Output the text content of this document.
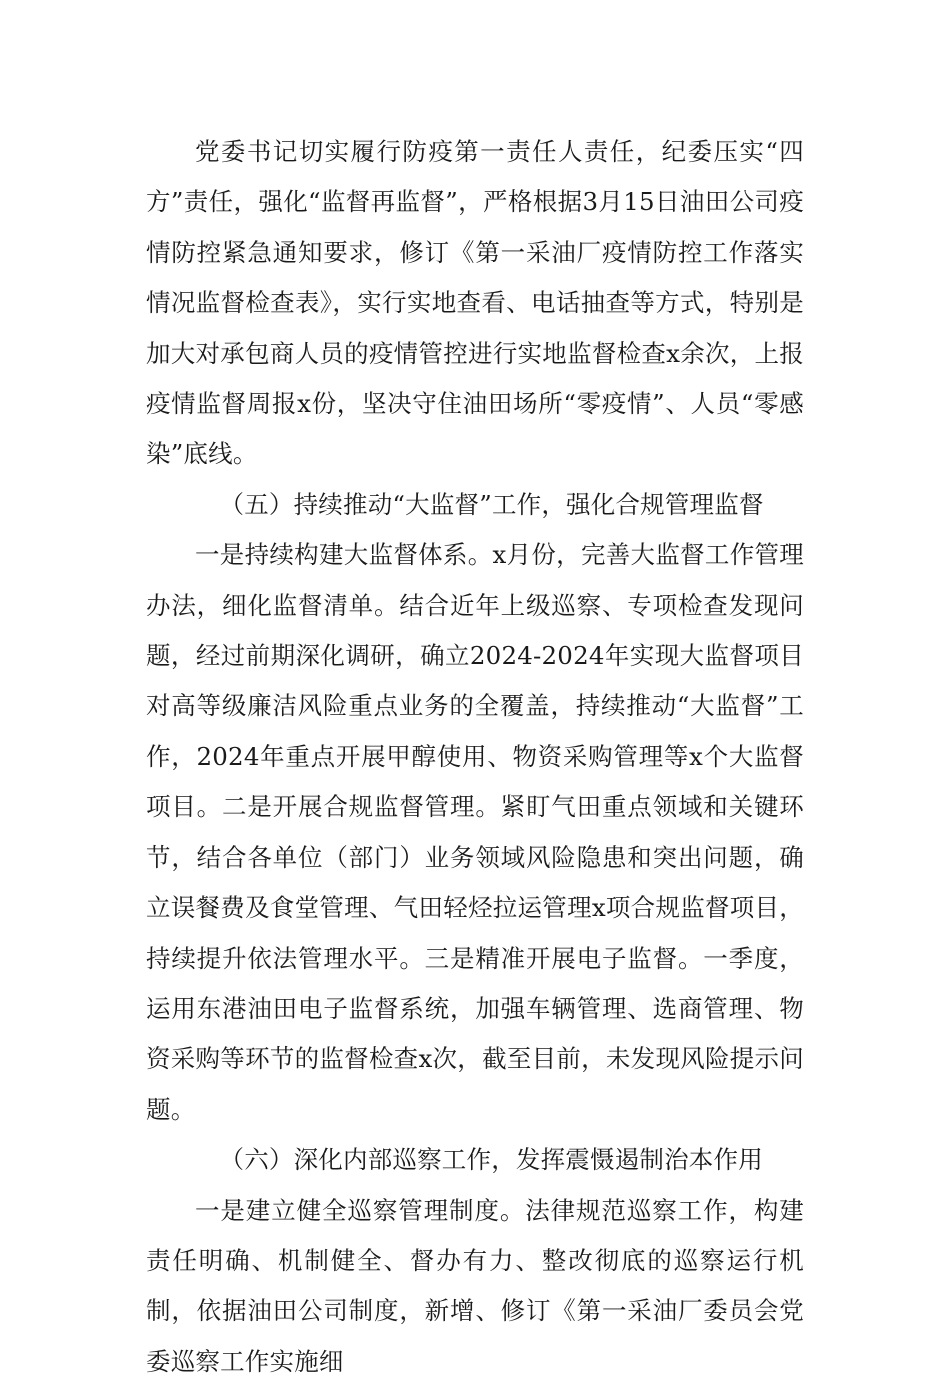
党委书记切实履行防疫第一责任人责任，纪委压实“四方”责任，强化“监督再监督”，严格根据3月15日油田公司疫情防控紧急通知要求，修订《第一采油厂疫情防控工作落实情况监督检查表》，实行实地查看、电话抽查等方式，特别是加大对承包商人员的疫情管控进行实地监督检查x余次，上报疫情监督周报x份，坚决守住油田场所“零疫情”、人员“零感染”底线。

（五）持续推动“大监督”工作，强化合规管理监督

一是持续构建大监督体系。x月份，完善大监督工作管理办法，细化监督清单。结合近年上级巡察、专项检查发现问题，经过前期深化调研，确立2024-2024年实现大监督项目对高等级廉洁风险重点业务的全覆盖，持续推动“大监督”工作，2024年重点开展甲醇使用、物资采购管理等x个大监督项目。二是开展合规监督管理。紧盯气田重点领域和关键环节，结合各单位（部门）业务领域风险隐患和突出问题，确立误餐费及食堂管理、气田轻烃拉运管理x项合规监督项目，持续提升依法管理水平。三是精准开展电子监督。一季度，运用东港油田电子监督系统，加强车辆管理、选商管理、物资采购等环节的监督检查x次，截至目前，未发现风险提示问题。

（六）深化内部巡察工作，发挥震慑遏制治本作用

一是建立健全巡察管理制度。法律规范巡察工作，构建责任明确、机制健全、督办有力、整改彻底的巡察运行机制，依据油田公司制度，新增、修订《第一采油厂委员会党委巡察工作实施细
